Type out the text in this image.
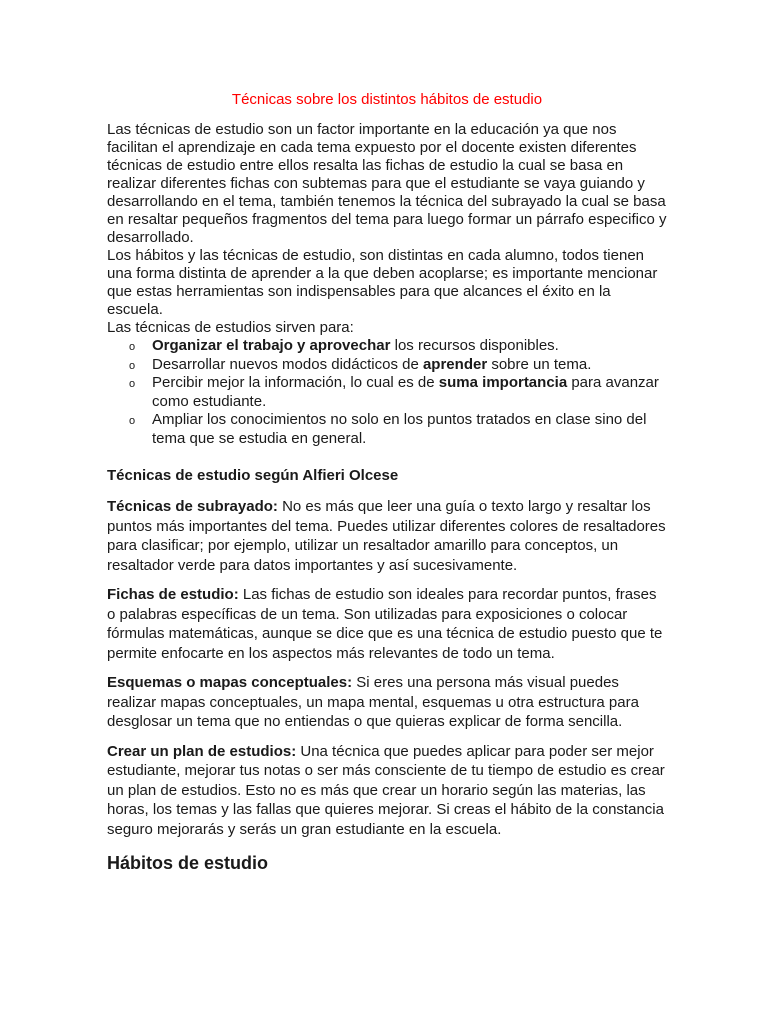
Técnicas sobre los distintos hábitos de estudio

Las técnicas de estudio son un factor importante en la educación ya que nos facilitan el aprendizaje en cada tema expuesto por el docente existen diferentes técnicas de estudio entre ellos resalta las fichas de estudio la cual se basa en realizar diferentes fichas con subtemas para que el estudiante se vaya guiando y desarrollando en el tema, también tenemos la técnica del subrayado la cual se basa en resaltar pequeños fragmentos del tema para luego formar un párrafo especifico y desarrollado.

Los hábitos y las técnicas de estudio, son distintas en cada alumno, todos tienen una forma distinta de aprender a la que deben acoplarse; es importante mencionar que estas herramientas son indispensables para que alcances el éxito en la escuela.

Las técnicas de estudios sirven para:

o Organizar el trabajo y aprovechar los recursos disponibles.
o Desarrollar nuevos modos didácticos de aprender sobre un tema.
o Percibir mejor la información, lo cual es de suma importancia para avanzar como estudiante.
o Ampliar los conocimientos no solo en los puntos tratados en clase sino del tema que se estudia en general.
Técnicas de estudio según Alfieri Olcese

Técnicas de subrayado: No es más que leer una guía o texto largo y resaltar los puntos más importantes del tema. Puedes utilizar diferentes colores de resaltadores para clasificar; por ejemplo, utilizar un resaltador amarillo para conceptos, un resaltador verde para datos importantes y así sucesivamente.

Fichas de estudio: Las fichas de estudio son ideales para recordar puntos, frases o palabras específicas de un tema. Son utilizadas para exposiciones o colocar fórmulas matemáticas, aunque se dice que es una técnica de estudio puesto que te permite enfocarte en los aspectos más relevantes de todo un tema.

Esquemas o mapas conceptuales: Si eres una persona más visual puedes realizar mapas conceptuales, un mapa mental, esquemas u otra estructura para desglosar un tema que no entiendas o que quieras explicar de forma sencilla.

Crear un plan de estudios: Una técnica que puedes aplicar para poder ser mejor estudiante, mejorar tus notas o ser más consciente de tu tiempo de estudio es crear un plan de estudios. Esto no es más que crear un horario según las materias, las horas, los temas y las fallas que quieres mejorar. Si creas el hábito de la constancia seguro mejorarás y serás un gran estudiante en la escuela.

Hábitos de estudio
